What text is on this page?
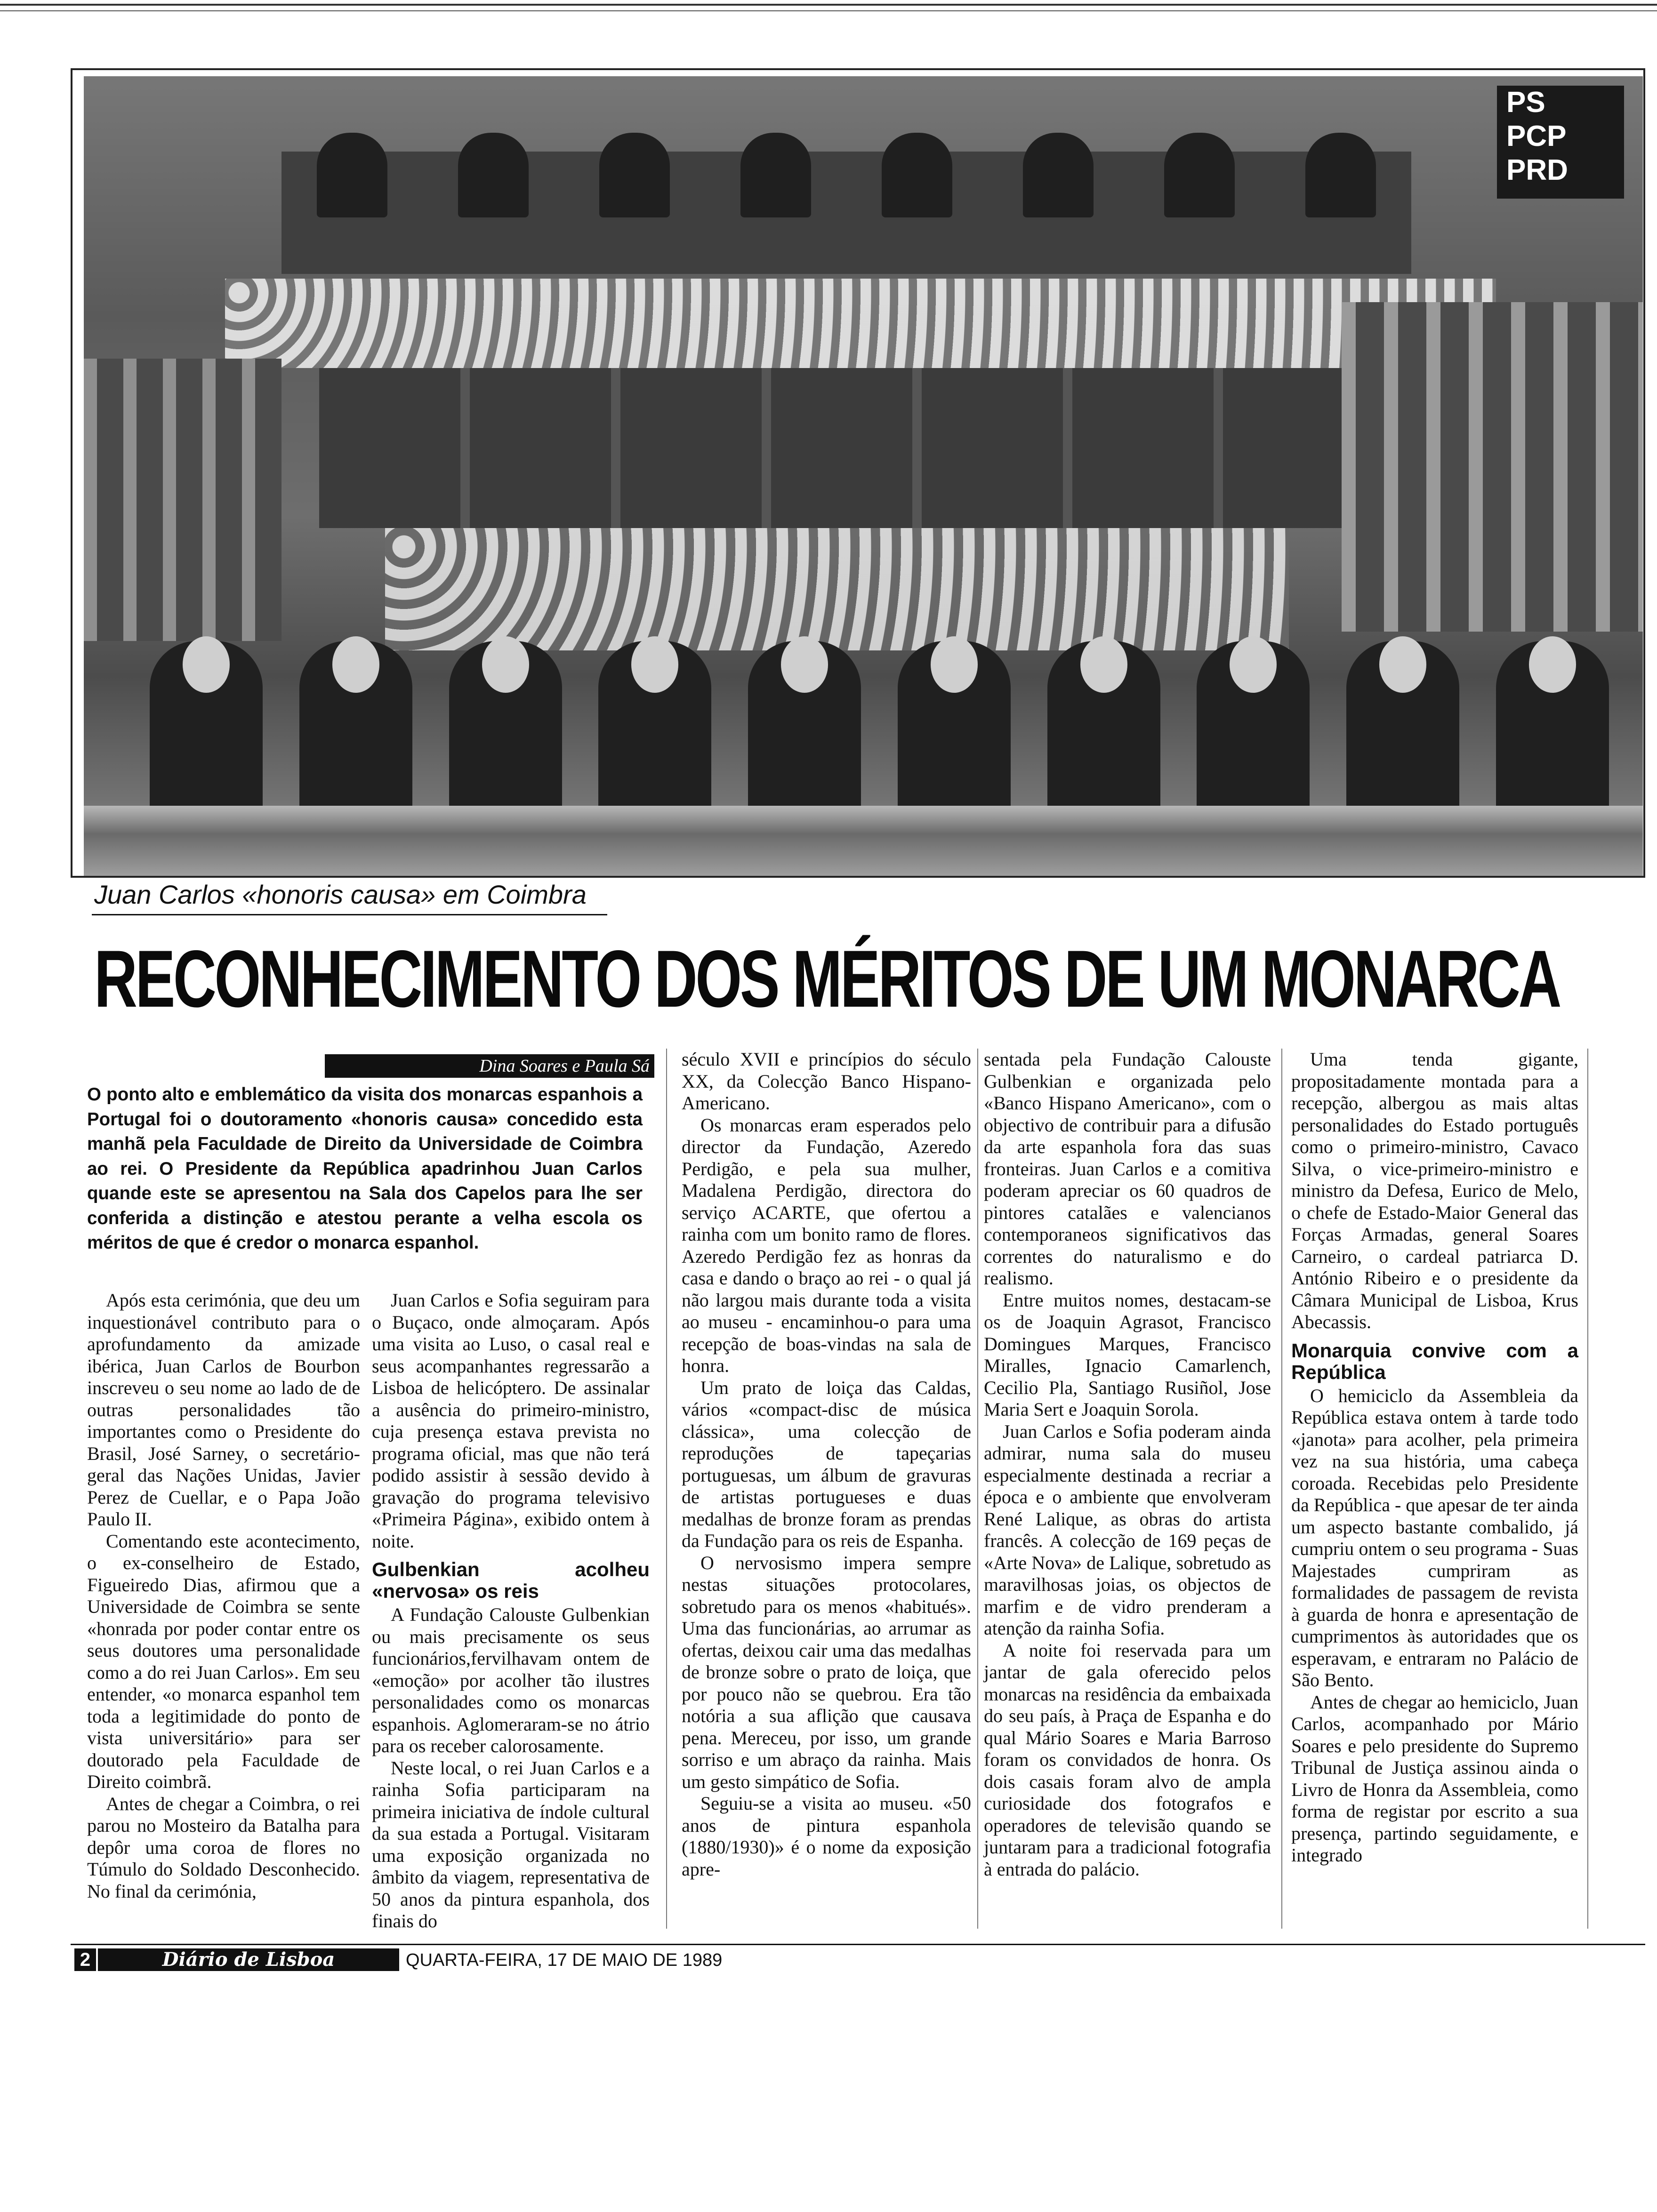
PS
PCP
PRD
Juan Carlos «honoris causa» em Coimbra
RECONHECIMENTO DOS MÉRITOS DE UM MONARCA
Dina Soares e Paula Sá
O ponto alto e emblemático da visita dos monarcas espanhois a Portugal foi o doutoramento «honoris causa» concedido esta manhã pela Faculdade de Direito da Universidade de Coimbra ao rei. O Presidente da República apadrinhou Juan Carlos quande este se apresentou na Sala dos Capelos para lhe ser conferida a distinção e atestou perante a velha escola os méritos de que é credor o monarca espanhol.

Após esta cerimónia, que deu um inquestionável contributo para o aprofundamento da amizade ibérica, Juan Carlos de Bourbon inscreveu o seu nome ao lado de de outras personalidades tão importantes como o Presidente do Brasil, José Sarney, o secretário-geral das Nações Unidas, Javier Perez de Cuellar, e o Papa João Paulo II.

Comentando este acontecimento, o ex-conselheiro de Estado, Figueiredo Dias, afirmou que a Universidade de Coimbra se sente «honrada por poder contar entre os seus doutores uma personalidade como a do rei Juan Carlos». Em seu entender, «o monarca espanhol tem toda a legitimidade do ponto de vista universitário» para ser doutorado pela Faculdade de Direito coimbrã.

Antes de chegar a Coimbra, o rei parou no Mosteiro da Batalha para depôr uma coroa de flores no Túmulo do Soldado Desconhecido. No final da cerimónia,

Juan Carlos e Sofia seguiram para o Buçaco, onde almoçaram. Após uma visita ao Luso, o casal real e seus acompanhantes regressarão a Lisboa de helicóptero. De assinalar a ausência do primeiro-ministro, cuja presença estava prevista no programa oficial, mas que não terá podido assistir à sessão devido à gravação do programa televisivo «Primeira Página», exibido ontem à noite.

Gulbenkian acolheu «nervosa» os reis

A Fundação Calouste Gulbenkian ou mais precisamente os seus funcionários,fervilhavam ontem de «emoção» por acolher tão ilustres personalidades como os monarcas espanhois. Aglomeraram-se no átrio para os receber calorosamente.

Neste local, o rei Juan Carlos e a rainha Sofia participaram na primeira iniciativa de índole cultural da sua estada a Portugal. Visitaram uma exposição organizada no âmbito da viagem, representativa de 50 anos da pintura espanhola, dos finais do

século XVII e princípios do século XX, da Colecção Banco Hispano-Americano.

Os monarcas eram esperados pelo director da Fundação, Azeredo Perdigão, e pela sua mulher, Madalena Perdigão, directora do serviço ACARTE, que ofertou a rainha com um bonito ramo de flores. Azeredo Perdigão fez as honras da casa e dando o braço ao rei - o qual já não largou mais durante toda a visita ao museu - encaminhou-o para uma recepção de boas-vindas na sala de honra.

Um prato de loiça das Caldas, vários «compact-disc de música clássica», uma colecção de reproduções de tapeçarias portuguesas, um álbum de gravuras de artistas portugueses e duas medalhas de bronze foram as prendas da Fundação para os reis de Espanha.

O nervosismo impera sempre nestas situações protocolares, sobretudo para os menos «habitués». Uma das funcionárias, ao arrumar as ofertas, deixou cair uma das medalhas de bronze sobre o prato de loiça, que por pouco não se quebrou. Era tão notória a sua aflição que causava pena. Mereceu, por isso, um grande sorriso e um abraço da rainha. Mais um gesto simpático de Sofia.

Seguiu-se a visita ao museu. «50 anos de pintura espanhola (1880/1930)» é o nome da exposição apre-

sentada pela Fundação Calouste Gulbenkian e organizada pelo «Banco Hispano Americano», com o objectivo de contribuir para a difusão da arte espanhola fora das suas fronteiras. Juan Carlos e a comitiva poderam apreciar os 60 quadros de pintores catalães e valencianos contemporaneos significativos das correntes do naturalismo e do realismo.

Entre muitos nomes, destacam-se os de Joaquin Agrasot, Francisco Domingues Marques, Francisco Miralles, Ignacio Camarlench, Cecilio Pla, Santiago Rusiñol, Jose Maria Sert e Joaquin Sorola.

Juan Carlos e Sofia poderam ainda admirar, numa sala do museu especialmente destinada a recriar a época e o ambiente que envolveram René Lalique, as obras do artista francês. A colecção de 169 peças de «Arte Nova» de Lalique, sobretudo as maravilhosas joias, os objectos de marfim e de vidro prenderam a atenção da rainha Sofia.

A noite foi reservada para um jantar de gala oferecido pelos monarcas na residência da embaixada do seu país, à Praça de Espanha e do qual Mário Soares e Maria Barroso foram os convidados de honra. Os dois casais foram alvo de ampla curiosidade dos fotografos e operadores de televisão quando se juntaram para a tradicional fotografia à entrada do palácio.

Uma tenda gigante, propositadamente montada para a recepção, albergou as mais altas personalidades do Estado português como o primeiro-ministro, Cavaco Silva, o vice-primeiro-ministro e ministro da Defesa, Eurico de Melo, o chefe de Estado-Maior General das Forças Armadas, general Soares Carneiro, o cardeal patriarca D. António Ribeiro e o presidente da Câmara Municipal de Lisboa, Krus Abecassis.

Monarquia convive com a República

O hemiciclo da Assembleia da República estava ontem à tarde todo «janota» para acolher, pela primeira vez na sua história, uma cabeça coroada. Recebidas pelo Presidente da República - que apesar de ter ainda um aspecto bastante combalido, já cumpriu ontem o seu programa - Suas Majestades cumpriram as formalidades de passagem de revista à guarda de honra e apresentação de cumprimentos às autoridades que os esperavam, e entraram no Palácio de São Bento.

Antes de chegar ao hemiciclo, Juan Carlos, acompanhado por Mário Soares e pelo presidente do Supremo Tribunal de Justiça assinou ainda o Livro de Honra da Assembleia, como forma de registar por escrito a sua presença, partindo seguidamente, e integrado

2	Diário de Lisboa	QUARTA-FEIRA, 17 DE MAIO DE 1989
